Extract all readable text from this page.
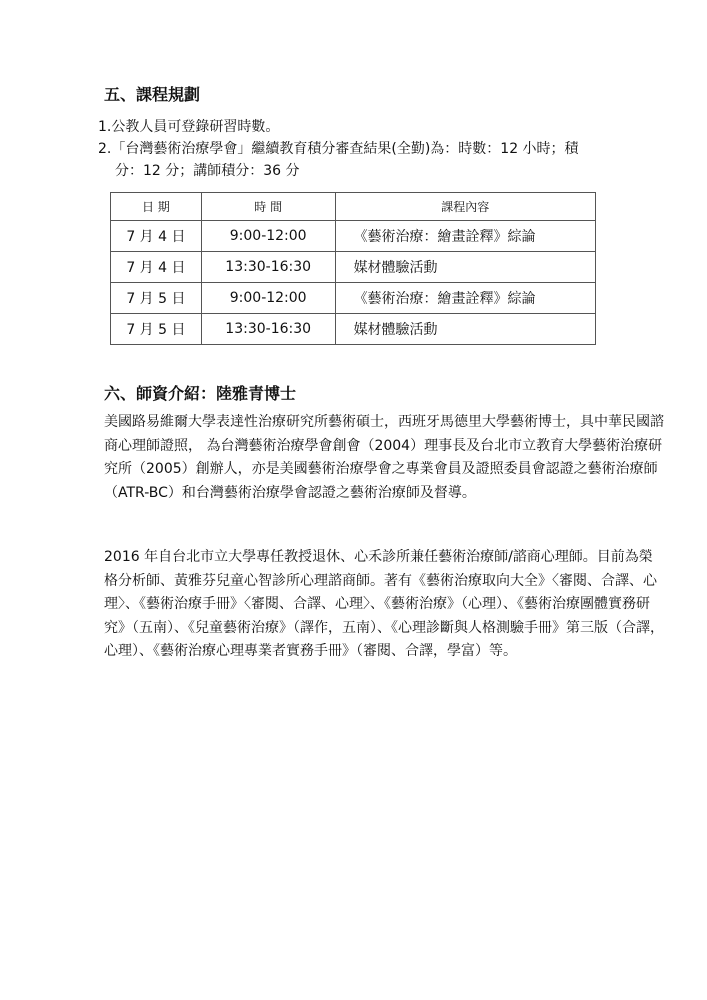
五、課程規劃
1.公教人員可登錄研習時數。
2.「台灣藝術治療學會」繼續教育積分審查結果(全勤)為：時數：12 小時；積
分：12 分；講師積分：36 分
日 期	時 間	課程內容
7 月 4 日	9:00-12:00	《藝術治療：繪畫詮釋》綜論
7 月 4 日	13:30-16:30	媒材體驗活動
7 月 5 日	9:00-12:00	《藝術治療：繪畫詮釋》綜論
7 月 5 日	13:30-16:30	媒材體驗活動
六、師資介紹：陸雅青博士

美國路易維爾大學表達性治療研究所藝術碩士，西班牙馬德里大學藝術博士，具中華民國諮商心理師證照， 為台灣藝術治療學會創會（2004）理事長及台北市立教育大學藝術治療研究所（2005）創辦人，亦是美國藝術治療學會之專業會員及證照委員會認證之藝術治療師（ATR-BC）和台灣藝術治療學會認證之藝術治療師及督導。

2016 年自台北市立大學專任教授退休、心禾診所兼任藝術治療師/諮商心理師。目前為榮格分析師、黃雅芬兒童心智診所心理諮商師。著有《藝術治療取向大全》〈審閱、合譯、心理〉、《藝術治療手冊》〈審閱、合譯、心理〉、《藝術治療》（心理）、《藝術治療團體實務研究》（五南）、《兒童藝術治療》（譯作，五南）、《心理診斷與人格測驗手冊》第三版（合譯，心理）、《藝術治療心理專業者實務手冊》（審閱、合譯，學富）等。
